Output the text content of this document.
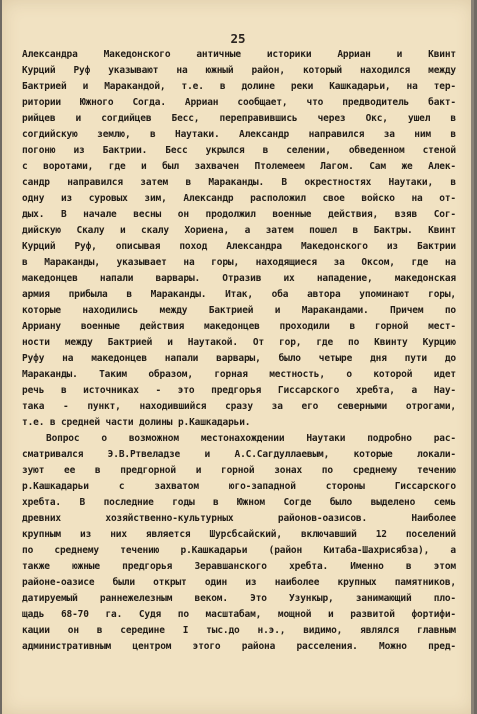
25
Александра Македонского античные историки Арриан и Квинт
Курций Руф указывают на южный район, который находился между
Бактрией и Маракандой, т.е. в долине реки Кашкадарьи, на тер-
ритории Южного Согда. Арриан сообщает, что предводитель бакт-
рийцев и согдийцев Бесс, переправившись через Окс, ушел в
согдийскую землю, в Наутаки. Александр направился за ним в
погоню из Бактрии. Бесс укрылся в селении, обведенном стеной
с воротами, где и был захвачен Птолемеем Лагом. Сам же Алек-
сандр направился затем в Мараканды. В окрестностях Наутаки, в
одну из суровых зим, Александр расположил свое войско на от-
дых. В начале весны он продолжил военные действия, взяв Сог-
дийскую Скалу и скалу Хориена, а затем пошел в Бактры. Квинт
Курций Руф, описывая поход Александра Македонского из Бактрии
в Мараканды, указывает на горы, находящиеся за Оксом, где на
македонцев напали варвары. Отразив их нападение, македонская
армия прибыла в Мараканды. Итак, оба автора упоминают горы,
которые находились между Бактрией и Маракандами. Причем по
Арриану военные действия македонцев проходили в горной мест-
ности между Бактрией и Наутакой. От гор, где по Квинту Курцию
Руфу на македонцев напали варвары, было четыре дня пути до
Мараканды. Таким образом, горная местность, о которой идет
речь в источниках - это предгорья Гиссарского хребта, а Нау-
така - пункт, находившийся сразу за его северными отрогами,
т.е. в средней части долины р.Кашкадарьи.
Вопрос о возможном местонахождении Наутаки подробно рас-
сматривался Э.В.Ртвеладзе и А.С.Сагдуллаевым, которые локали-
зуют ее в предгорной и горной зонах по среднему течению
р.Кашкадарьи с захватом юго-западной стороны Гиссарского
хребта. В последние годы в Южном Согде было выделено семь
древних хозяйственно-культурных районов-оазисов. Наиболее
крупным из них является Шурсбсайский, включавший 12 поселений
по среднему течению р.Кашкадарьи (район Китаба-Шахрисябза), а
также южные предгорья Зеравшанского хребта. Именно в этом
районе-оазисе были открыт один из наиболее крупных памятников,
датируемый раннежелезным веком. Это Узункыр, занимающий пло-
щадь 68-70 га. Судя по масштабам, мощной и развитой фортифи-
кации он в середине I тыс.до н.э., видимо, являлся главным
административным центром этого района расселения. Можно пред-
